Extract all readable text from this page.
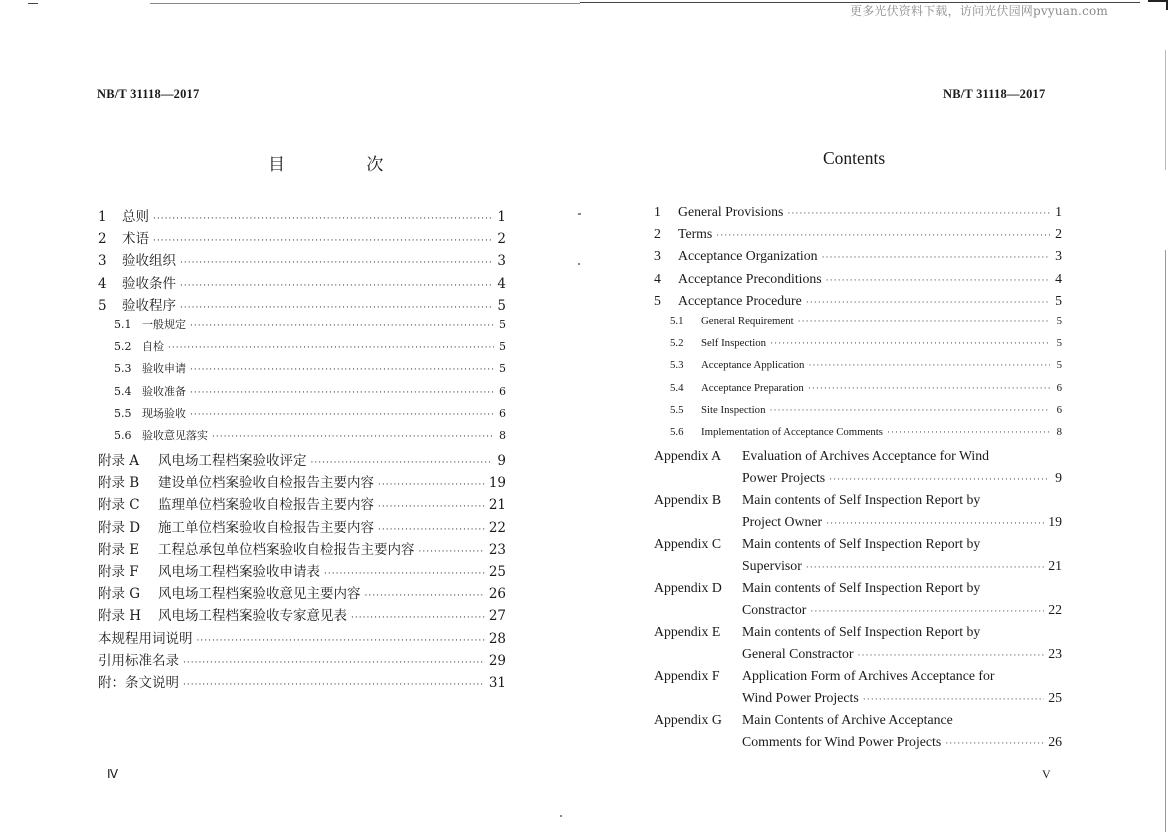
更多光伏资料下载，访问光伏园网pvyuan.com
NB/T 31118—2017	NB/T 31118—2017
目 次	Contents
1	总则 ·····	1
2	术语 ·····	2
3	验收组织 ·····	3
4	验收条件 ·····	4
5	验收程序 ·····	5
5.1 一般规定 ·····	5
5.2 自检 ·····	5
5.3 验收申请 ·····	5
5.4 验收准备 ·····	6
5.5 现场验收 ·····	6
5.6 验收意见落实 ·····	8
附录 A	风电场工程档案验收评定 ·····	9
附录 B	建设单位档案验收自检报告主要内容 ·····	19
附录 C	监理单位档案验收自检报告主要内容 ·····	21
附录 D	施工单位档案验收自检报告主要内容 ·····	22
附录 E	工程总承包单位档案验收自检报告主要内容 ·····	23
附录 F	风电场工程档案验收申请表 ·····	25
附录 G	风电场工程档案验收意见主要内容 ·····	26
附录 H	风电场工程档案验收专家意见表 ·····	27
本规程用词说明 ·····	28
引用标准名录 ·····	29
附：条文说明 ·····	31
1	General Provisions ·····	1
2	Terms ·····	2
3	Acceptance Organization ·····	3
4	Acceptance Preconditions ·····	4
5	Acceptance Procedure ·····	5
5.1	General Requirement ·····	5
5.2	Self Inspection ·····	5
5.3	Acceptance Application ·····	5
5.4	Acceptance Preparation ·····	6
5.5	Site Inspection ·····	6
5.6	Implementation of Acceptance Comments ·····	8
Appendix A	Evaluation of Archives Acceptance for Wind
Power Projects ·····	9
Appendix B	Main contents of Self Inspection Report by
Project Owner ·····	19
Appendix C	Main contents of Self Inspection Report by
Supervisor ·····	21
Appendix D	Main contents of Self Inspection Report by
Constractor ·····	22
Appendix E	Main contents of Self Inspection Report by
General Constractor ·····	23
Appendix F	Application Form of Archives Acceptance for
Wind Power Projects ·····	25
Appendix G	Main Contents of Archive Acceptance
Comments for Wind Power Projects ·····	26
Ⅳ	V
